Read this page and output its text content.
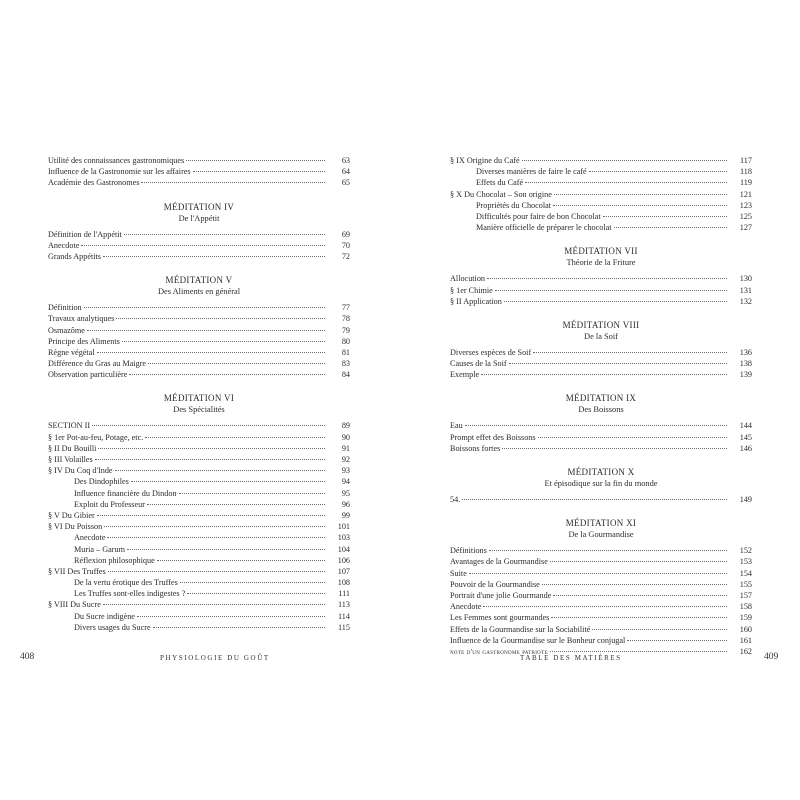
Utilité des connaissances gastronomiques	63
Influence de la Gastronomie sur les affaires	64
Académie des Gastronomes	65
MÉDITATION IV
De l'Appétit
Définition de l'Appétit	69
Anecdote	70
Grands Appétits	72
MÉDITATION V
Des Aliments en général
Définition	77
Travaux analytiques	78
Osmazôme	79
Principe des Aliments	80
Règne végétal	81
Différence du Gras au Maigre	83
Observation particulière	84
MÉDITATION VI
Des Spécialités
SECTION II	89
§ 1er Pot-au-feu, Potage, etc.	90
§ II Du Bouilli	91
§ III Volailles	92
§ IV Du Coq d'Inde	93
Des Dindophiles	94
Influence financière du Dindon	95
Exploit du Professeur	96
§ V Du Gibier	99
§ VI Du Poisson	101
Anecdote	103
Muria – Garum	104
Réflexion philosophique	106
§ VII Des Truffes	107
De la vertu érotique des Truffes	108
Les Truffes sont-elles indigestes ?	111
§ VIII Du Sucre	113
Du Sucre indigène	114
Divers usages du Sucre	115
§ IX Origine du Café	117
Diverses manières de faire le café	118
Effets du Café	119
§ X Du Chocolat – Son origine	121
Propriétés du Chocolat	123
Difficultés pour faire de bon Chocolat	125
Manière officielle de préparer le chocolat	127
MÉDITATION VII
Théorie de la Friture
Allocution	130
§ 1er Chimie	131
§ II Application	132
MÉDITATION VIII
De la Soif
Diverses espèces de Soif	136
Causes de la Soif	138
Exemple	139
MÉDITATION IX
Des Boissons
Eau	144
Prompt effet des Boissons	145
Boissons fortes	146
MÉDITATION X
Et épisodique sur la fin du monde
54.	149
MÉDITATION XI
De la Gourmandise
Définitions	152
Avantages de la Gourmandise	153
Suite	154
Pouvoir de la Gourmandise	155
Portrait d'une jolie Gourmande	157
Anecdote	158
Les Femmes sont gourmandes	159
Effets de la Gourmandise sur la Sociabilité	160
Influence de la Gourmandise sur le Bonheur conjugal	161
note d'un gastronome patriote	162
408	PHYSIOLOGIE DU GOÛT	TABLE DES MATIÈRES	409
